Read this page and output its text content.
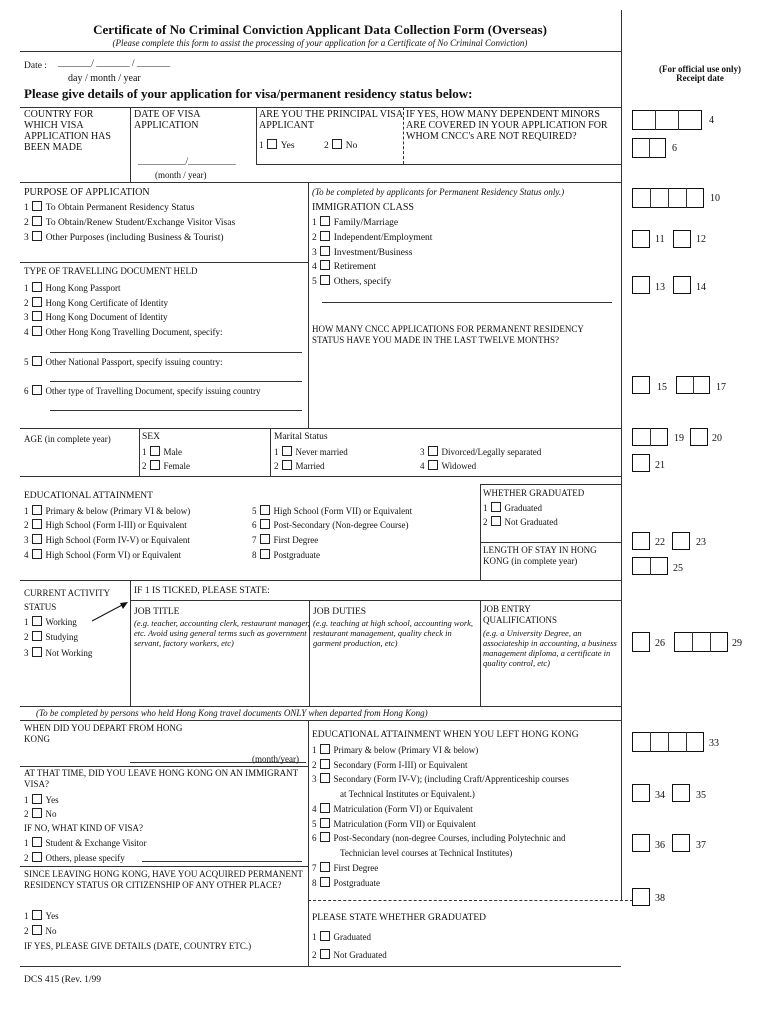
Certificate of No Criminal Conviction Applicant Data Collection Form (Overseas)
(Please complete this form to assist the processing of your application for a Certificate of No Criminal Conviction)
Date : _______/ _______ / _______
day / month / year
Please give details of your application for visa/permanent residency status below:
(For official use only)
Receipt date
COUNTRY FOR WHICH VISA APPLICATION HAS BEEN MADE
DATE OF VISA APPLICATION
__________/__________
(month / year)
ARE YOU THE PRINCIPAL VISA APPLICANT
1 Yes	2 No
IF YES, HOW MANY DEPENDENT MINORS ARE COVERED IN YOUR APPLICATION FOR WHOM CNCC's ARE NOT REQUIRED?
PURPOSE OF APPLICATION
1 To Obtain Permanent Residency Status
2 To Obtain/Renew Student/Exchange Visitor Visas
3 Other Purposes (including Business & Tourist)
(To be completed by applicants for Permanent Residency Status only.)
IMMIGRATION CLASS
1 Family/Marriage
2 Independent/Employment
3 Investment/Business
4 Retirement
5 Others, specify
HOW MANY CNCC APPLICATIONS FOR PERMANENT RESIDENCY STATUS HAVE YOU MADE IN THE LAST TWELVE MONTHS?
TYPE OF TRAVELLING DOCUMENT HELD
1 Hong Kong Passport
2 Hong Kong Certificate of Identity
3 Hong Kong Document of Identity
4 Other Hong Kong Travelling Document, specify:
5 Other National Passport, specify issuing country:
6 Other type of Travelling Document, specify issuing country
AGE (in complete year)	SEX
1 Male
2 Female
Marital Status
1 Never married
2 Married
3 Divorced/Legally separated
4 Widowed
EDUCATIONAL ATTAINMENT
1 Primary & below (Primary VI & below)
2 High School (Form I-III) or Equivalent
3 High School (Form IV-V) or Equivalent
4 High School (Form VI) or Equivalent
5 High School (Form VII) or Equivalent
6 Post-Secondary (Non-degree Course)
7 First Degree
8 Postgraduate
WHETHER GRADUATED
1 Graduated
2 Not Graduated
LENGTH OF STAY IN HONG KONG (in complete year)
CURRENT ACTIVITY STATUS
1 Working
2 Studying
3 Not Working
IF 1 IS TICKED, PLEASE STATE:
JOB TITLE
(e.g. teacher, accounting clerk, restaurant manager, etc. Avoid using general terms such as government servant, factory workers, etc)
JOB DUTIES
(e.g. teaching at high school, accounting work, restaurant management, quality check in garment production, etc)
JOB ENTRY QUALIFICATIONS
(e.g. a University Degree, an associateship in accounting, a business management diploma, a certificate in quality control, etc)
(To be completed by persons who held Hong Kong travel documents ONLY when departed from Hong Kong)
WHEN DID YOU DEPART FROM HONG KONG
(month/year)
AT THAT TIME, DID YOU LEAVE HONG KONG ON AN IMMIGRANT VISA?
1 Yes
2 No
IF NO, WHAT KIND OF VISA?
1 Student & Exchange Visitor
2 Others, please specify
SINCE LEAVING HONG KONG, HAVE YOU ACQUIRED PERMANENT RESIDENCY STATUS OR CITIZENSHIP OF ANY OTHER PLACE?
1 Yes
2 No
IF YES, PLEASE GIVE DETAILS (DATE, COUNTRY ETC.)
EDUCATIONAL ATTAINMENT WHEN YOU LEFT HONG KONG
1 Primary & below (Primary VI & below)
2 Secondary (Form I-III) or Equivalent
3 Secondary (Form IV-V); (including Craft/Apprenticeship courses
at Technical Institutes or Equivalent.)
4 Matriculation (Form VI) or Equivalent
5 Matriculation (Form VII) or Equivalent
6 Post-Secondary (non-degree Courses, including Polytechnic and
Technician level courses at Technical Institutes)
7 First Degree
8 Postgraduate
PLEASE STATE WHETHER GRADUATED
1 Graduated
2 Not Graduated
DCS 415 (Rev. 1/99
4
6
10
11	12
13	14
15	17
19	20
21
22	23
25
26	29
33
34	35
36	37
38
